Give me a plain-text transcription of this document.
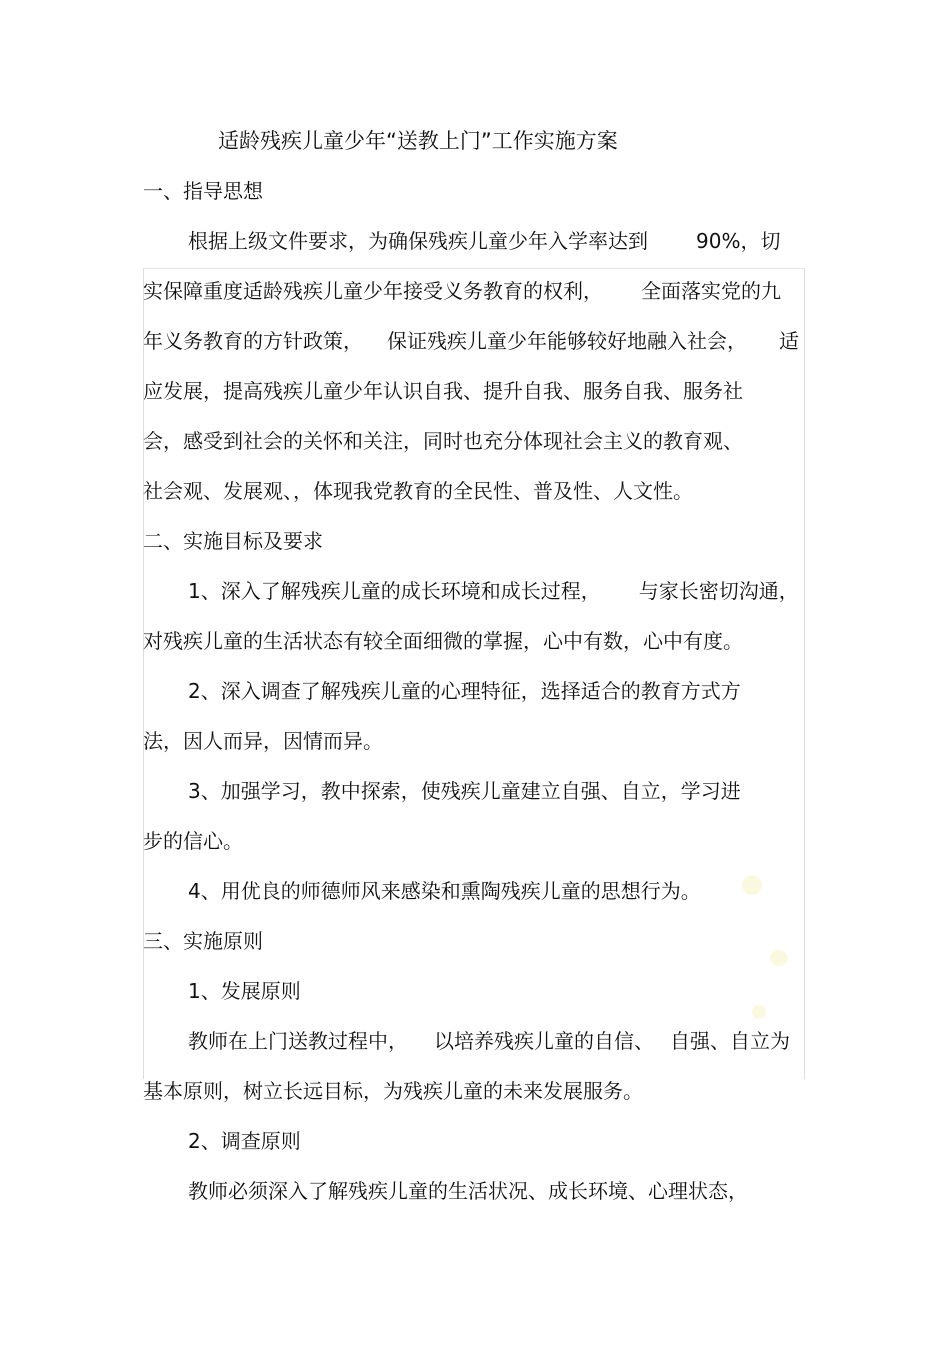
适龄残疾儿童少年“送教上门”工作实施方案
一、指导思想
根据上级文件要求，为确保残疾儿童少年入学率达到 90%，切
实保障重度适龄残疾儿童少年接受义务教育的权利， 全面落实党的九
年义务教育的方针政策， 保证残疾儿童少年能够较好地融入社会， 适
应发展，提高残疾儿童少年认识自我、提升自我、服务自我、服务社
会，感受到社会的关怀和关注，同时也充分体现社会主义的教育观、
社会观、发展观、，体现我党教育的全民性、普及性、人文性。
二、实施目标及要求
1、深入了解残疾儿童的成长环境和成长过程， 与家长密切沟通，
对残疾儿童的生活状态有较全面细微的掌握，心中有数，心中有度。
2、深入调查了解残疾儿童的心理特征，选择适合的教育方式方
法，因人而异，因情而异。
3、加强学习，教中探索，使残疾儿童建立自强、自立，学习进
步的信心。
4、用优良的师德师风来感染和熏陶残疾儿童的思想行为。
三、实施原则
1、发展原则
教师在上门送教过程中， 以培养残疾儿童的自信、 自强、自立为
基本原则，树立长远目标，为残疾儿童的未来发展服务。
2、调查原则
教师必须深入了解残疾儿童的生活状况、成长环境、心理状态，
